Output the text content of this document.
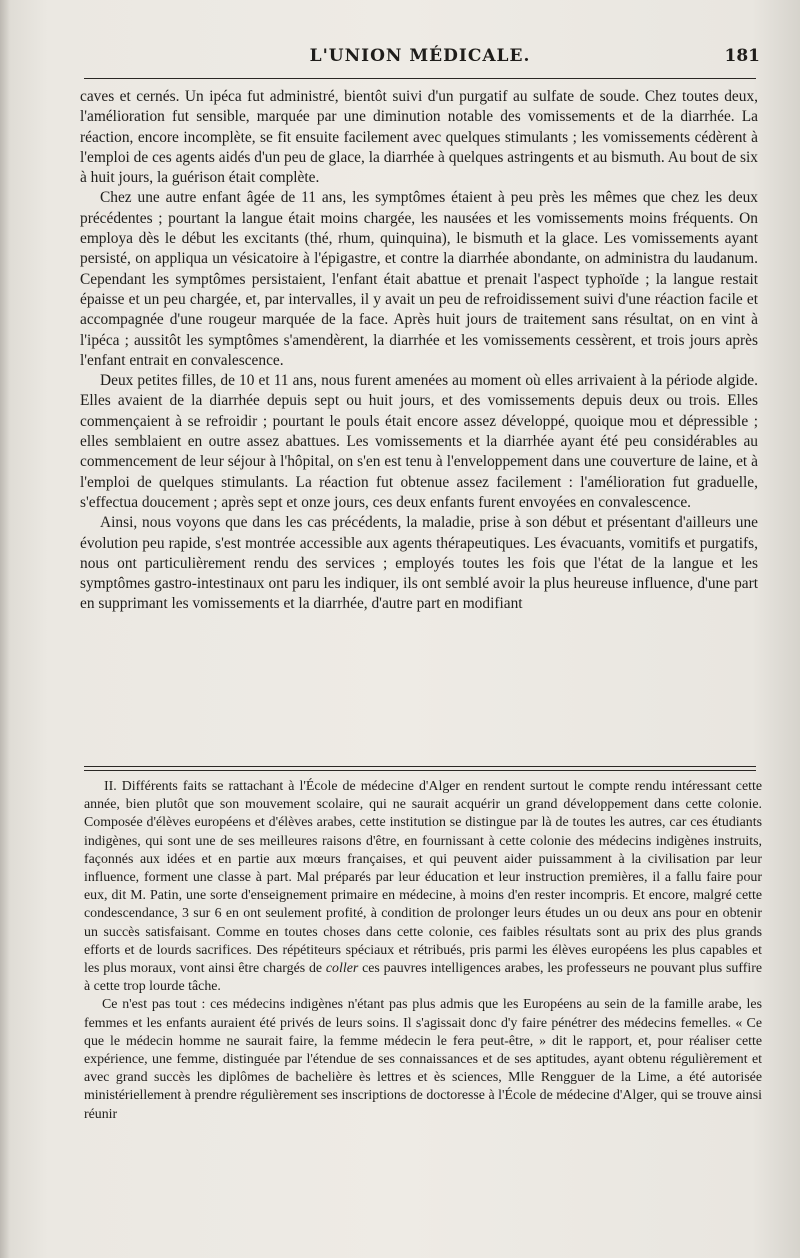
L'UNION MÉDICALE.	181

caves et cernés. Un ipéca fut administré, bientôt suivi d'un purgatif au sulfate de soude. Chez toutes deux, l'amélioration fut sensible, marquée par une diminution notable des vomissements et de la diarrhée. La réaction, encore incomplète, se fit ensuite facilement avec quelques stimulants ; les vomissements cédèrent à l'emploi de ces agents aidés d'un peu de glace, la diarrhée à quelques astringents et au bismuth. Au bout de six à huit jours, la guérison était complète.

Chez une autre enfant âgée de 11 ans, les symptômes étaient à peu près les mêmes que chez les deux précédentes ; pourtant la langue était moins chargée, les nausées et les vomissements moins fréquents. On employa dès le début les excitants (thé, rhum, quinquina), le bismuth et la glace. Les vomissements ayant persisté, on appliqua un vésicatoire à l'épigastre, et contre la diarrhée abondante, on administra du laudanum. Cependant les symptômes persistaient, l'enfant était abattue et prenait l'aspect typhoïde ; la langue restait épaisse et un peu chargée, et, par intervalles, il y avait un peu de refroidissement suivi d'une réaction facile et accompagnée d'une rougeur marquée de la face. Après huit jours de traitement sans résultat, on en vint à l'ipéca ; aussitôt les symptômes s'amendèrent, la diarrhée et les vomissements cessèrent, et trois jours après l'enfant entrait en convalescence.

Deux petites filles, de 10 et 11 ans, nous furent amenées au moment où elles arrivaient à la période algide. Elles avaient de la diarrhée depuis sept ou huit jours, et des vomissements depuis deux ou trois. Elles commençaient à se refroidir ; pourtant le pouls était encore assez développé, quoique mou et dépressible ; elles semblaient en outre assez abattues. Les vomissements et la diarrhée ayant été peu considérables au commencement de leur séjour à l'hôpital, on s'en est tenu à l'enveloppement dans une couverture de laine, et à l'emploi de quelques stimulants. La réaction fut obtenue assez facilement : l'amélioration fut graduelle, s'effectua doucement ; après sept et onze jours, ces deux enfants furent envoyées en convalescence.

Ainsi, nous voyons que dans les cas précédents, la maladie, prise à son début et présentant d'ailleurs une évolution peu rapide, s'est montrée accessible aux agents thérapeutiques. Les évacuants, vomitifs et purgatifs, nous ont particulièrement rendu des services ; employés toutes les fois que l'état de la langue et les symptômes gastro-intestinaux ont paru les indiquer, ils ont semblé avoir la plus heureuse influence, d'une part en supprimant les vomissements et la diarrhée, d'autre part en modifiant

II. Différents faits se rattachant à l'École de médecine d'Alger en rendent surtout le compte rendu intéressant cette année, bien plutôt que son mouvement scolaire, qui ne saurait acquérir un grand développement dans cette colonie. Composée d'élèves européens et d'élèves arabes, cette institution se distingue par là de toutes les autres, car ces étudiants indigènes, qui sont une de ses meilleures raisons d'être, en fournissant à cette colonie des médecins indigènes instruits, façonnés aux idées et en partie aux mœurs françaises, et qui peuvent aider puissamment à la civilisation par leur influence, forment une classe à part. Mal préparés par leur éducation et leur instruction premières, il a fallu faire pour eux, dit M. Patin, une sorte d'enseignement primaire en médecine, à moins d'en rester incompris. Et encore, malgré cette condescendance, 3 sur 6 en ont seulement profité, à condition de prolonger leurs études un ou deux ans pour en obtenir un succès satisfaisant. Comme en toutes choses dans cette colonie, ces faibles résultats sont au prix des plus grands efforts et de lourds sacrifices. Des répétiteurs spéciaux et rétribués, pris parmi les élèves européens les plus capables et les plus moraux, vont ainsi être chargés de coller ces pauvres intelligences arabes, les professeurs ne pouvant plus suffire à cette trop lourde tâche.

Ce n'est pas tout : ces médecins indigènes n'étant pas plus admis que les Européens au sein de la famille arabe, les femmes et les enfants auraient été privés de leurs soins. Il s'agissait donc d'y faire pénétrer des médecins femelles. « Ce que le médecin homme ne saurait faire, la femme médecin le fera peut-être, » dit le rapport, et, pour réaliser cette expérience, une femme, distinguée par l'étendue de ses connaissances et de ses aptitudes, ayant obtenu régulièrement et avec grand succès les diplômes de bachelière ès lettres et ès sciences, Mlle Rengguer de la Lime, a été autorisée ministériellement à prendre régulièrement ses inscriptions de doctoresse à l'École de médecine d'Alger, qui se trouve ainsi réunir
